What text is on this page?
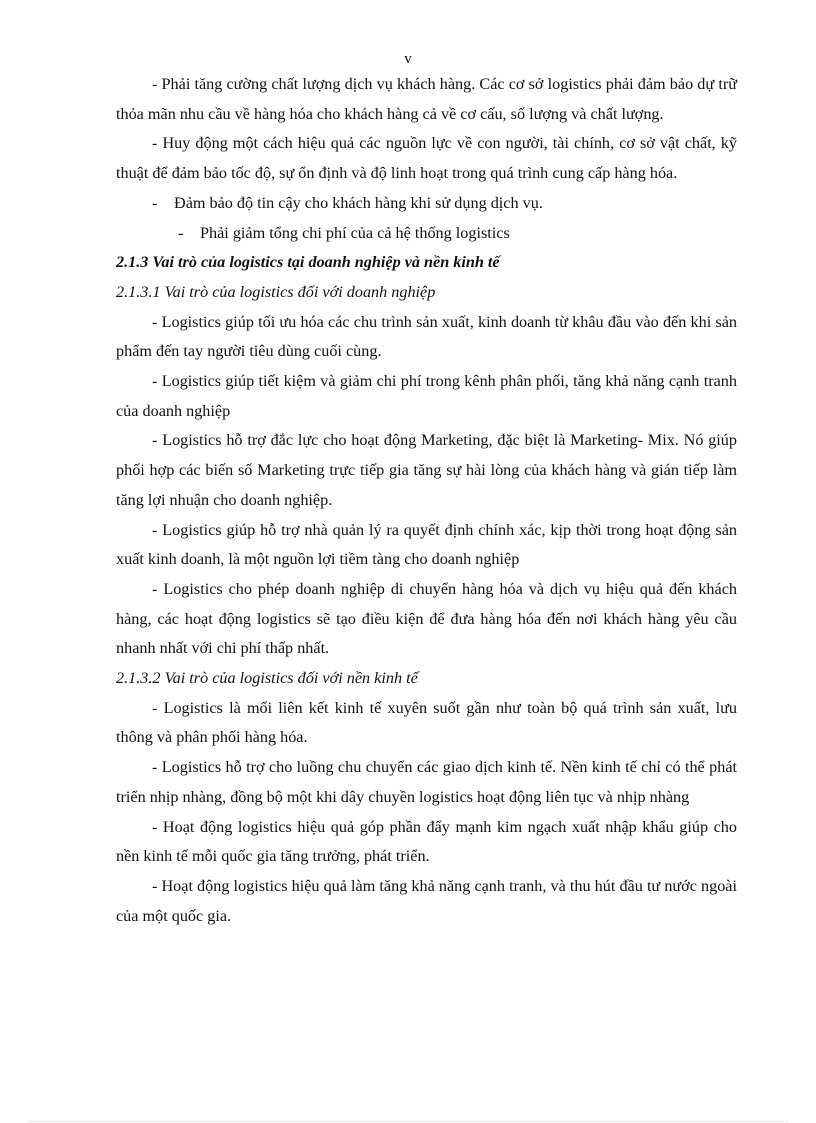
v

- Phải tăng cường chất lượng dịch vụ khách hàng. Các cơ sở logistics phải đảm bảo dự trữ thỏa mãn nhu cầu về hàng hóa cho khách hàng cả về cơ cấu, số lượng và chất lượng.

- Huy động một cách hiệu quả các nguồn lực về con người, tài chính, cơ sở vật chất, kỹ thuật để đảm bảo tốc độ, sự ổn định và độ linh hoạt trong quá trình cung cấp hàng hóa.

- Đảm bảo độ tin cậy cho khách hàng khi sử dụng dịch vụ.

- Phải giảm tổng chi phí của cả hệ thống logistics

2.1.3 Vai trò của logistics tại doanh nghiệp và nền kinh tế

2.1.3.1 Vai trò của logistics đối với doanh nghiệp

- Logistics giúp tối ưu hóa các chu trình sản xuất, kinh doanh từ khâu đầu vào đến khi sản phẩm đến tay người tiêu dùng cuối cùng.

- Logistics giúp tiết kiệm và giảm chi phí trong kênh phân phối, tăng khả năng cạnh tranh của doanh nghiệp

- Logistics hỗ trợ đắc lực cho hoạt động Marketing, đặc biệt là Marketing- Mix. Nó giúp phối hợp các biến số Marketing trực tiếp gia tăng sự hài lòng của khách hàng và gián tiếp làm tăng lợi nhuận cho doanh nghiệp.

- Logistics giúp hỗ trợ nhà quản lý ra quyết định chính xác, kịp thời trong hoạt động sản xuất kinh doanh, là một nguồn lợi tiềm tàng cho doanh nghiệp

- Logistics cho phép doanh nghiệp di chuyển hàng hóa và dịch vụ hiệu quả đến khách hàng, các hoạt động logistics sẽ tạo điều kiện để đưa hàng hóa đến nơi khách hàng yêu cầu nhanh nhất với chi phí thấp nhất.

2.1.3.2 Vai trò của logistics đối với nền kinh tế

- Logistics là mối liên kết kinh tế xuyên suốt gần như toàn bộ quá trình sản xuất, lưu thông và phân phối hàng hóa.

- Logistics hỗ trợ cho luồng chu chuyển các giao dịch kinh tế. Nền kinh tế chỉ có thể phát triển nhịp nhàng, đồng bộ một khi dây chuyền logistics hoạt động liên tục và nhịp nhàng

- Hoạt động logistics hiệu quả góp phần đẩy mạnh kim ngạch xuất nhập khẩu giúp cho nền kinh tế mỗi quốc gia tăng trưởng, phát triển.

- Hoạt động logistics hiệu quả làm tăng khả năng cạnh tranh, và thu hút đầu tư nước ngoài của một quốc gia.
